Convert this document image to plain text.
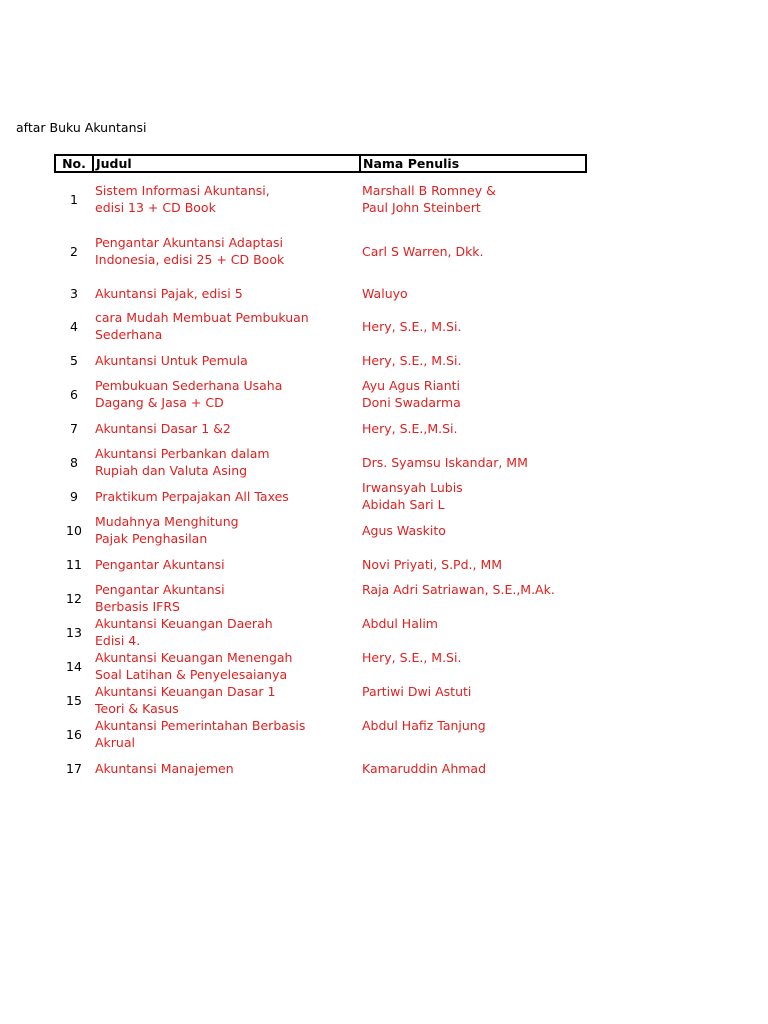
aftar Buku Akuntansi
No.	Judul	Nama Penulis
1	Sistem Informasi Akuntansi,
edisi 13 + CD Book	Marshall B Romney &
Paul John Steinbert

2	Pengantar Akuntansi Adaptasi
Indonesia, edisi 25 + CD Book	Carl S Warren, Dkk.

3	Akuntansi Pajak, edisi 5	Waluyo

4	cara Mudah Membuat Pembukuan
Sederhana	Hery, S.E., M.Si.

5	Akuntansi Untuk Pemula	Hery, S.E., M.Si.

6	Pembukuan Sederhana Usaha
Dagang & Jasa + CD	Ayu Agus Rianti
Doni Swadarma

7	Akuntansi Dasar 1 &2	Hery, S.E.,M.Si.

8	Akuntansi Perbankan dalam
Rupiah dan Valuta Asing	Drs. Syamsu Iskandar, MM

9	Praktikum Perpajakan All Taxes	Irwansyah Lubis
Abidah Sari L

10	Mudahnya Menghitung
Pajak Penghasilan	Agus Waskito

11	Pengantar Akuntansi	Novi Priyati, S.Pd., MM

12	Pengantar Akuntansi
Berbasis IFRS	Raja Adri Satriawan, S.E.,M.Ak.

13	Akuntansi Keuangan Daerah
Edisi 4.	Abdul Halim

14	Akuntansi Keuangan Menengah
Soal Latihan & Penyelesaianya	Hery, S.E., M.Si.

15	Akuntansi Keuangan Dasar 1
Teori & Kasus	Partiwi Dwi Astuti

16	Akuntansi Pemerintahan Berbasis
Akrual	Abdul Hafiz Tanjung

17	Akuntansi Manajemen	Kamaruddin Ahmad
